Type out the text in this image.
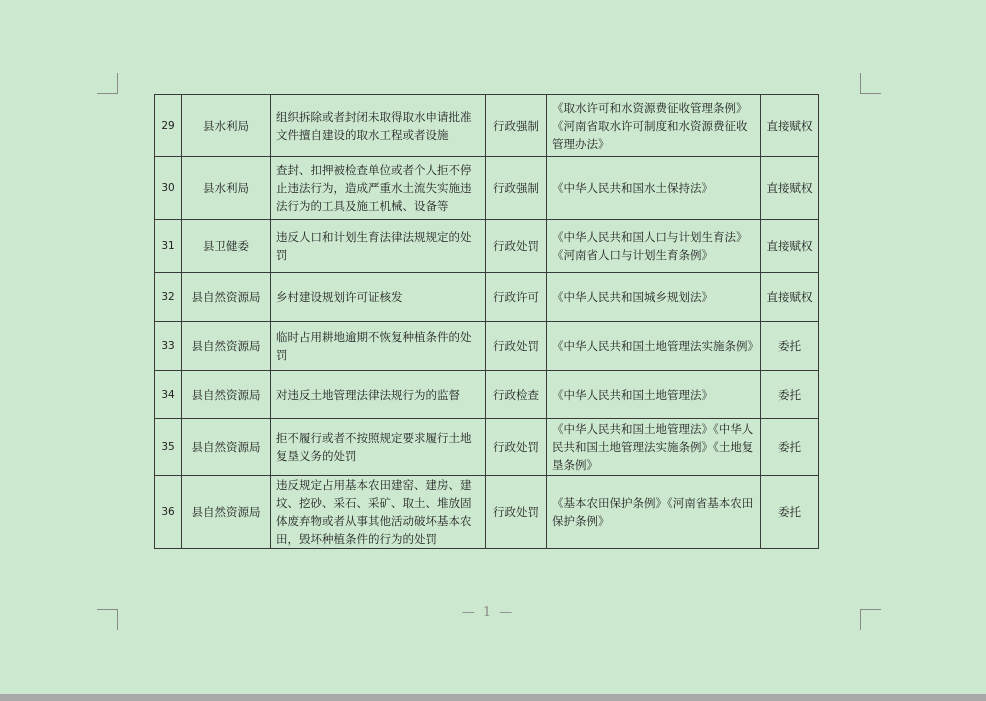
29	县水利局	组织拆除或者封闭未取得取水申请批准文件擅自建设的取水工程或者设施	行政强制	《取水许可和水资源费征收管理条例》《河南省取水许可制度和水资源费征收管理办法》	直接赋权
30	县水利局	查封、扣押被检查单位或者个人拒不停止违法行为，造成严重水土流失实施违法行为的工具及施工机械、设备等	行政强制	《中华人民共和国水土保持法》	直接赋权
31	县卫健委	违反人口和计划生育法律法规规定的处罚	行政处罚	《中华人民共和国人口与计划生育法》《河南省人口与计划生育条例》	直接赋权
32	县自然资源局	乡村建设规划许可证核发	行政许可	《中华人民共和国城乡规划法》	直接赋权
33	县自然资源局	临时占用耕地逾期不恢复种植条件的处罚	行政处罚	《中华人民共和国土地管理法实施条例》	委托
34	县自然资源局	对违反土地管理法律法规行为的监督	行政检查	《中华人民共和国土地管理法》	委托
35	县自然资源局	拒不履行或者不按照规定要求履行土地复垦义务的处罚	行政处罚	《中华人民共和国土地管理法》《中华人民共和国土地管理法实施条例》《土地复垦条例》	委托
36	县自然资源局	违反规定占用基本农田建窑、建房、建坟、挖砂、采石、采矿、取土、堆放固体废弃物或者从事其他活动破坏基本农田，毁坏种植条件的行为的处罚	行政处罚	《基本农田保护条例》《河南省基本农田保护条例》	委托
— 1 —
